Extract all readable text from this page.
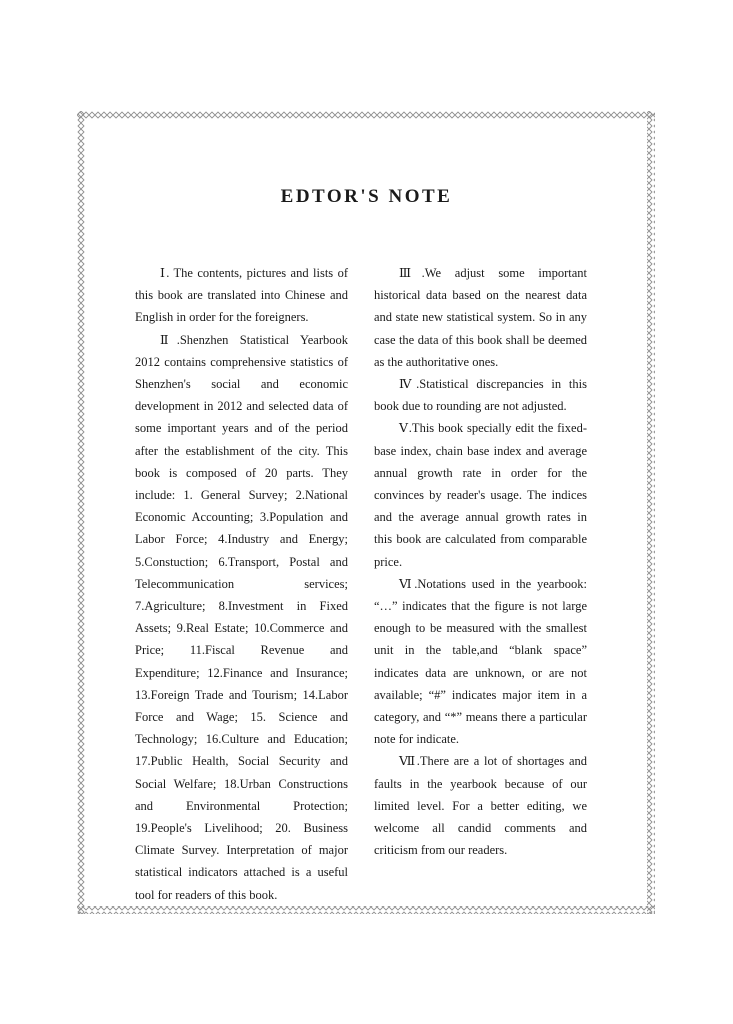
EDTOR'S NOTE

Ⅰ. The contents, pictures and lists of this book are translated into Chinese and English in order for the foreigners.

Ⅱ.Shenzhen Statistical Yearbook 2012 contains comprehensive statistics of Shenzhen's social and economic development in 2012 and selected data of some important years and of the period after the establishment of the city. This book is composed of 20 parts. They include: 1. General Survey; 2.National Economic Accounting; 3.Population and Labor Force; 4.Industry and Energy; 5.Constuction; 6.Transport, Postal and Telecommunication services; 7.Agriculture; 8.Investment in Fixed Assets; 9.Real Estate; 10.Commerce and Price; 11.Fiscal Revenue and Expenditure; 12.Finance and Insurance; 13.Foreign Trade and Tourism; 14.Labor Force and Wage; 15. Science and Technology; 16.Culture and Education; 17.Public Health, Social Security and Social Welfare; 18.Urban Constructions and Environmental Protection; 19.People's Livelihood; 20. Business Climate Survey. Interpretation of major statistical indicators attached is a useful tool for readers of this book.

Ⅲ.We adjust some important historical data based on the nearest data and state new statistical system. So in any case the data of this book shall be deemed as the authoritative ones.

Ⅳ.Statistical discrepancies in this book due to rounding are not adjusted.

Ⅴ.This book specially edit the fixed-base index, chain base index and average annual growth rate in order for the convinces by reader's usage. The indices and the average annual growth rates in this book are calculated from comparable price.

Ⅵ.Notations used in the yearbook: “…” indicates that the figure is not large enough to be measured with the smallest unit in the table,and “blank space” indicates data are unknown, or are not available; “#” indicates major item in a category, and “*” means there a particular note for indicate.

Ⅶ.There are a lot of shortages and faults in the yearbook because of our limited level. For a better editing, we welcome all candid comments and criticism from our readers.
